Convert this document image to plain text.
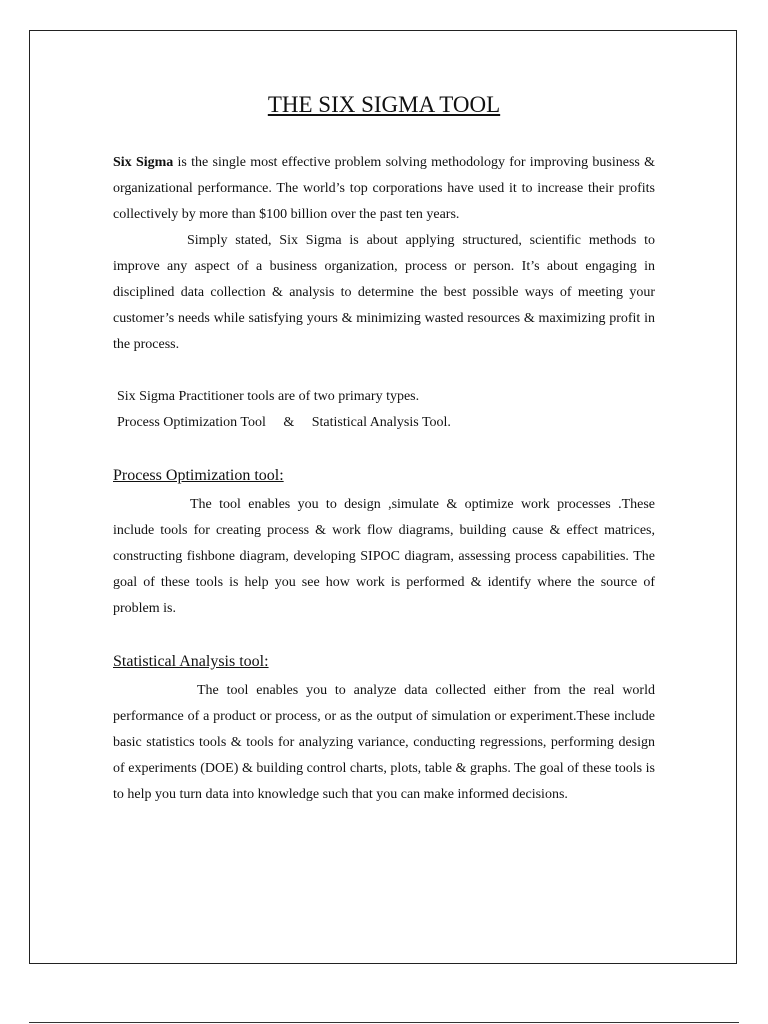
THE SIX SIGMA TOOL

Six Sigma is the single most effective problem solving methodology for improving business & organizational performance. The world’s top corporations have used it to increase their profits collectively by more than $100 billion over the past ten years.

Simply stated, Six Sigma is about applying structured, scientific methods to improve any aspect of a business organization, process or person. It’s about engaging in disciplined data collection & analysis to determine the best possible ways of meeting your customer’s needs while satisfying yours & minimizing wasted resources & maximizing profit in the process.

Six Sigma Practitioner tools are of two primary types.

Process Optimization Tool     &     Statistical Analysis Tool.

Process Optimization tool:

The tool enables you to design ,simulate & optimize work processes .These include tools for creating process & work flow diagrams, building cause & effect matrices, constructing fishbone diagram, developing SIPOC diagram, assessing process capabilities. The goal of these tools is help you see how work is performed & identify where the source of problem is.

Statistical Analysis tool:

The tool enables you to analyze data collected either from the real world performance of a product or process, or as the output of simulation or experiment.These include basic statistics tools & tools for analyzing variance, conducting regressions, performing design of experiments (DOE) & building control charts, plots, table & graphs. The goal of these tools is to help you turn data into knowledge such that you can make informed decisions.
